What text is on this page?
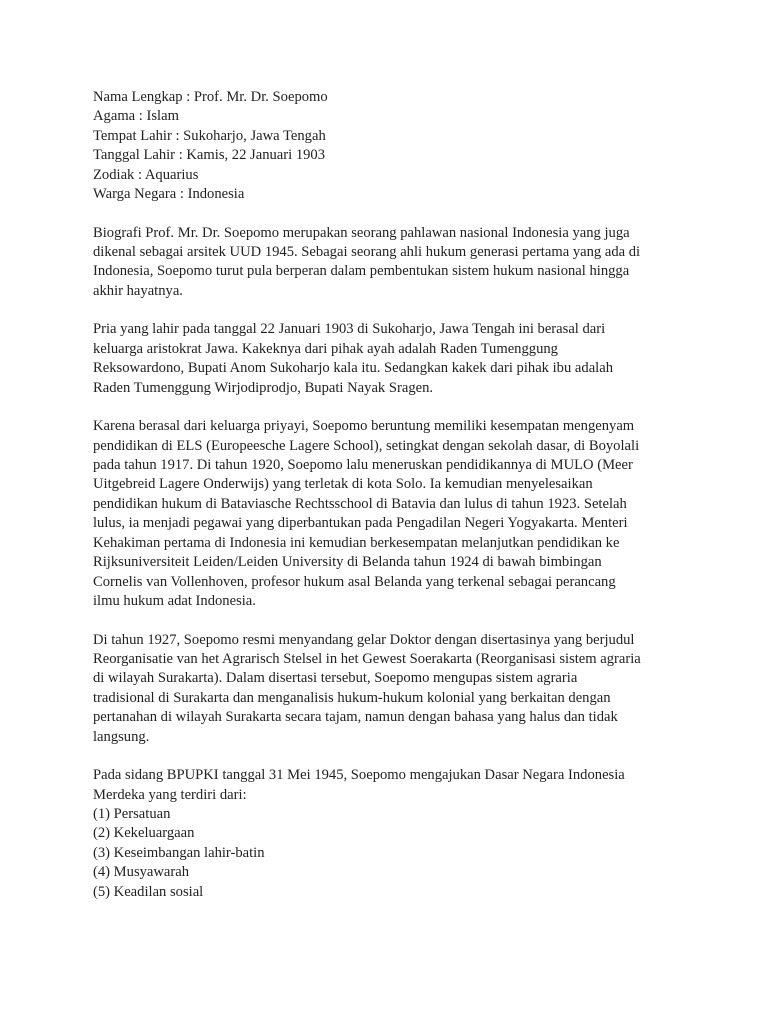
Nama Lengkap : Prof. Mr. Dr. Soepomo
Agama : Islam
Tempat Lahir : Sukoharjo, Jawa Tengah
Tanggal Lahir : Kamis, 22 Januari 1903
Zodiak : Aquarius
Warga Negara : Indonesia
Biografi Prof. Mr. Dr. Soepomo merupakan seorang pahlawan nasional Indonesia yang juga
dikenal sebagai arsitek UUD 1945. Sebagai seorang ahli hukum generasi pertama yang ada di
Indonesia, Soepomo turut pula berperan dalam pembentukan sistem hukum nasional hingga
akhir hayatnya.
Pria yang lahir pada tanggal 22 Januari 1903 di Sukoharjo, Jawa Tengah ini berasal dari
keluarga aristokrat Jawa. Kakeknya dari pihak ayah adalah Raden Tumenggung
Reksowardono, Bupati Anom Sukoharjo kala itu. Sedangkan kakek dari pihak ibu adalah
Raden Tumenggung Wirjodiprodjo, Bupati Nayak Sragen.
Karena berasal dari keluarga priyayi, Soepomo beruntung memiliki kesempatan mengenyam
pendidikan di ELS (Europeesche Lagere School), setingkat dengan sekolah dasar, di Boyolali
pada tahun 1917. Di tahun 1920, Soepomo lalu meneruskan pendidikannya di MULO (Meer
Uitgebreid Lagere Onderwijs) yang terletak di kota Solo. Ia kemudian menyelesaikan
pendidikan hukum di Bataviasche Rechtsschool di Batavia dan lulus di tahun 1923. Setelah
lulus, ia menjadi pegawai yang diperbantukan pada Pengadilan Negeri Yogyakarta. Menteri
Kehakiman pertama di Indonesia ini kemudian berkesempatan melanjutkan pendidikan ke
Rijksuniversiteit Leiden/Leiden University di Belanda tahun 1924 di bawah bimbingan
Cornelis van Vollenhoven, profesor hukum asal Belanda yang terkenal sebagai perancang
ilmu hukum adat Indonesia.
Di tahun 1927, Soepomo resmi menyandang gelar Doktor dengan disertasinya yang berjudul
Reorganisatie van het Agrarisch Stelsel in het Gewest Soerakarta (Reorganisasi sistem agraria
di wilayah Surakarta). Dalam disertasi tersebut, Soepomo mengupas sistem agraria
tradisional di Surakarta dan menganalisis hukum-hukum kolonial yang berkaitan dengan
pertanahan di wilayah Surakarta secara tajam, namun dengan bahasa yang halus dan tidak
langsung.
Pada sidang BPUPKI tanggal 31 Mei 1945, Soepomo mengajukan Dasar Negara Indonesia
Merdeka yang terdiri dari:
(1) Persatuan
(2) Kekeluargaan
(3) Keseimbangan lahir-batin
(4) Musyawarah
(5) Keadilan sosial
